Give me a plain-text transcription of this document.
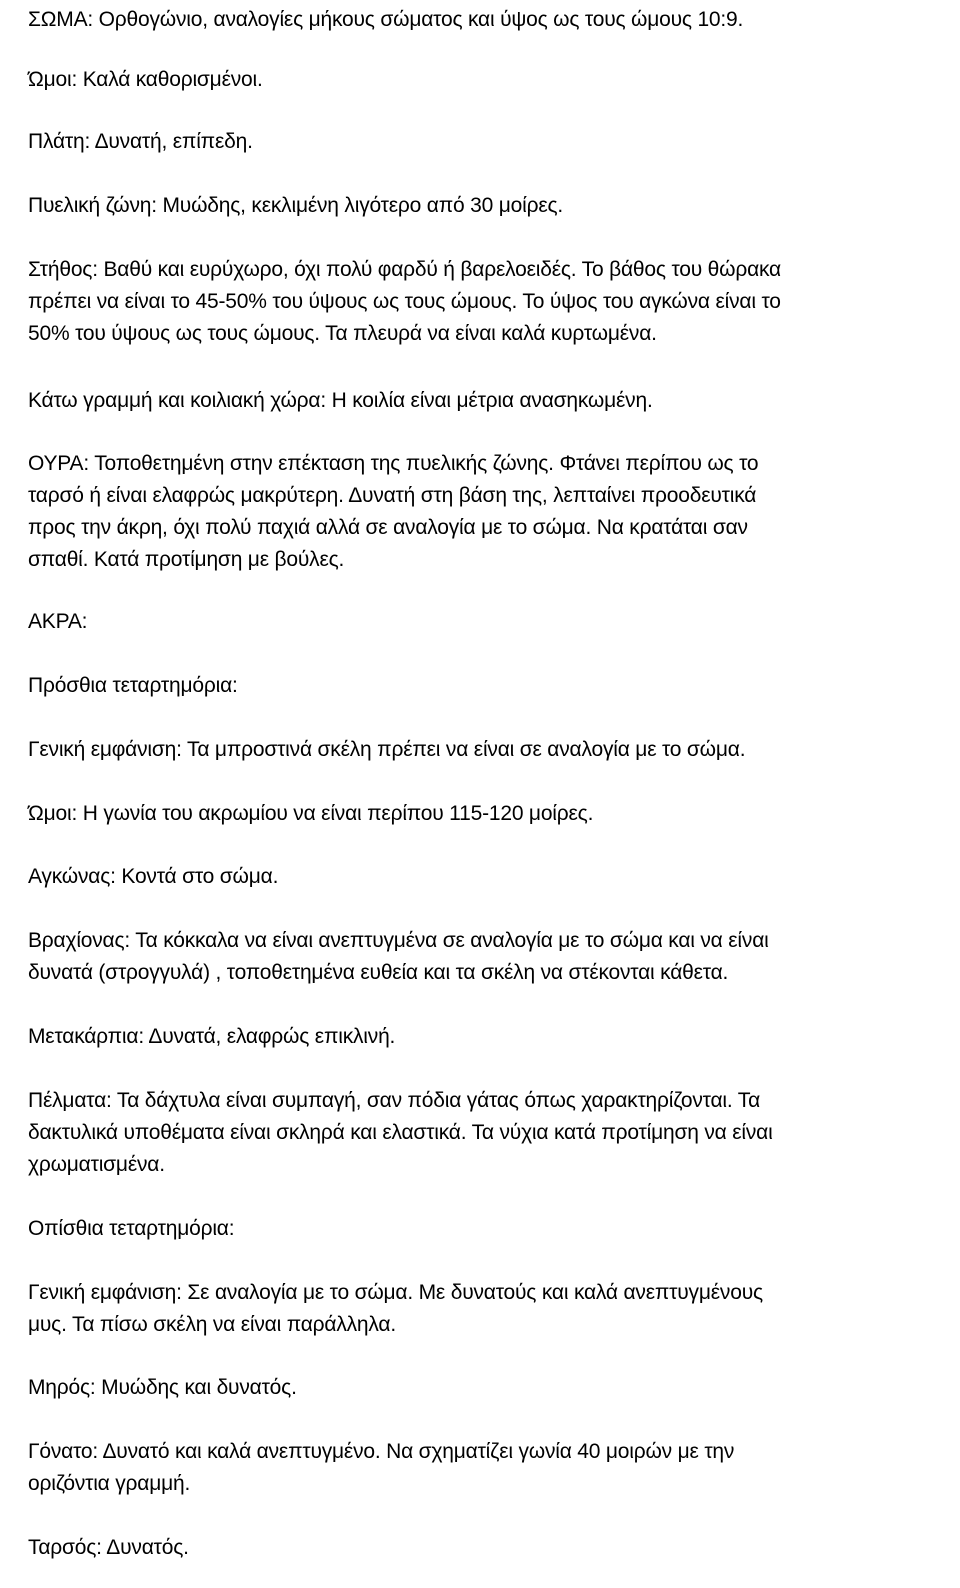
ΣΩΜΑ: Ορθογώνιο, αναλογίες μήκους σώματος και ύψος ως τους ώμους 10:9.

Ώμοι: Καλά καθορισμένοι.

Πλάτη: Δυνατή, επίπεδη.

Πυελική ζώνη: Μυώδης, κεκλιμένη λιγότερο από 30 μοίρες.

Στήθος: Βαθύ και ευρύχωρο, όχι πολύ φαρδύ ή βαρελοειδές. Το βάθος του θώρακα
πρέπει να είναι το 45-50% του ύψους ως τους ώμους. Το ύψος του αγκώνα είναι το
50% του ύψους ως τους ώμους. Τα πλευρά να είναι καλά κυρτωμένα.

Κάτω γραμμή και κοιλιακή χώρα: Η κοιλία είναι μέτρια ανασηκωμένη.

ΟΥΡΑ: Τοποθετημένη στην επέκταση της πυελικής ζώνης. Φτάνει περίπου ως το
ταρσό ή είναι ελαφρώς μακρύτερη. Δυνατή στη βάση της, λεπταίνει προοδευτικά
προς την άκρη, όχι πολύ παχιά αλλά σε αναλογία με το σώμα. Να κρατάται σαν
σπαθί. Κατά προτίμηση με βούλες.

ΑΚΡΑ:

Πρόσθια τεταρτημόρια:

Γενική εμφάνιση: Τα μπροστινά σκέλη πρέπει να είναι σε αναλογία με το σώμα.

Ώμοι: Η γωνία του ακρωμίου να είναι περίπου 115-120 μοίρες.

Αγκώνας: Κοντά στο σώμα.

Βραχίονας: Τα κόκκαλα να είναι ανεπτυγμένα σε αναλογία με το σώμα και να είναι
δυνατά (στρογγυλά) , τοποθετημένα ευθεία και τα σκέλη να στέκονται κάθετα.

Μετακάρπια: Δυνατά, ελαφρώς επικλινή.

Πέλματα: Τα δάχτυλα είναι συμπαγή, σαν πόδια γάτας όπως χαρακτηρίζονται. Τα
δακτυλικά υποθέματα είναι σκληρά και ελαστικά. Τα νύχια κατά προτίμηση να είναι
χρωματισμένα.

Οπίσθια τεταρτημόρια:

Γενική εμφάνιση: Σε αναλογία με το σώμα. Με δυνατούς και καλά ανεπτυγμένους
μυς. Τα πίσω σκέλη να είναι παράλληλα.

Μηρός: Μυώδης και δυνατός.

Γόνατο: Δυνατό και καλά ανεπτυγμένο. Να σχηματίζει γωνία 40 μοιρών με την
οριζόντια γραμμή.

Ταρσός: Δυνατός.
